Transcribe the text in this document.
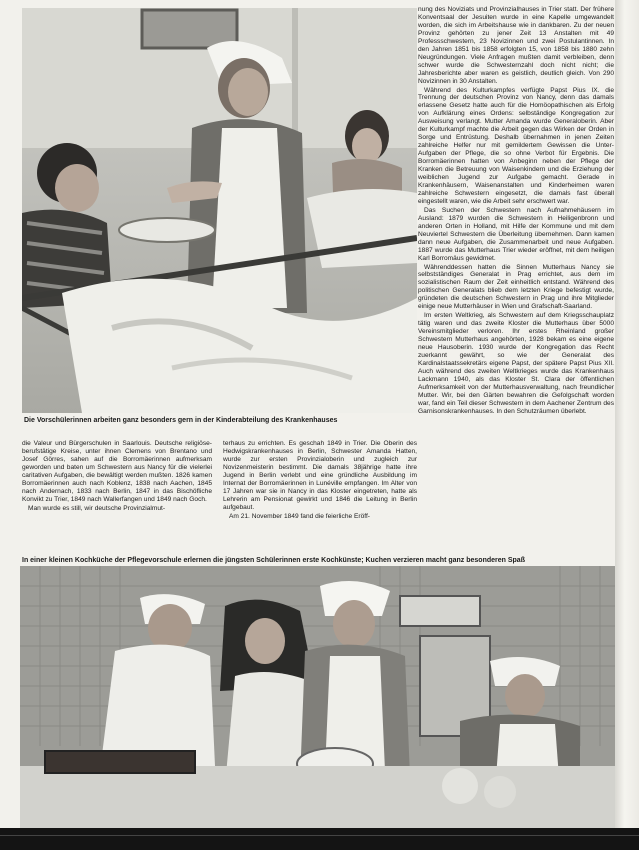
Die Vorschülerinnen arbeiten ganz besonders gern in der Kinderabteilung des Krankenhauses

die Valeur und Bürgerschulen in Saarlouis. Deutsche religiöse-berufstätige Kreise, unter ihnen Clemens von Brentano und Josef Görres, sahen auf die Borromäerinnen aufmerksam geworden und baten um Schwestern aus Nancy für die vielerlei caritativen Aufgaben, die bewältigt werden mußten. 1826 kamen Borromäerinnen auch nach Koblenz, 1838 nach Aachen, 1845 nach Andernach, 1833 nach Berlin, 1847 in das Bischöfliche Konvikt zu Trier, 1849 nach Wallerfangen und 1849 nach Goch.

Man wurde es still, wir deutsche Provinzialmut-

terhaus zu errichten. Es geschah 1849 in Trier. Die Oberin des Hedwigskrankenhauses in Berlin, Schwester Amanda Hatten, wurde zur ersten Provinzialoberin und zugleich zur Novizenmeisterin bestimmt. Die damals 38jährige hatte ihre Jugend in Berlin verlebt und eine gründliche Ausbildung im Internat der Borromäerinnen in Lunéville empfangen. Im Alter von 17 Jahren war sie in Nancy in das Kloster eingetreten, hatte als Lehrerin am Pensionat gewirkt und 1846 die Leitung in Berlin aufgebaut.

Am 21. November 1849 fand die feierliche Eröff-

nung des Noviziats und Provinzialhauses in Trier statt. Der frühere Konventsaal der Jesuiten wurde in eine Kapelle umgewandelt worden, die sich im Arbeitshause wie in dankbaren. Zu der neuen Provinz gehörten zu jener Zeit 13 Anstalten mit 49 Professschwestern, 23 Novizinnen und zwei Postulantinnen. In den Jahren 1851 bis 1858 erfolgten 15, von 1858 bis 1880 zehn Neugründungen. Viele Anfragen mußten damit verbleiben, denn schwer wurde die Schwesternzahl doch nicht nicht; die Jahresberichte aber waren es geistlich, deutlich gleich. Von 290 Novizinnen in 30 Anstalten.

Während des Kulturkampfes verfügte Papst Pius IX. die Trennung der deutschen Provinz von Nancy, denn das damals erlassene Gesetz hatte auch für die Homöopathischen als Erfolg von Aufklärung eines Ordens: selbständige Kongregation zur Ausweisung verlangt. Mutter Amanda wurde Generaloberin. Aber der Kulturkampf machte die Arbeit gegen das Wirken der Orden in Sorge und Entrüstung. Deshalb übernahmen in jenen Zeiten zahlreiche Helfer nur mit gemildertem Gewissen die Unter-Aufgaben der Pflege, die so ohne Verbot für Ergebnis. Die Borromäerinnen hatten von Anbeginn neben der Pflege der Kranken die Betreuung von Waisenkindern und die Erziehung der weiblichen Jugend zur Aufgabe gemacht. Gerade in Krankenhäusern, Waisenanstalten und Kinderheimen waren zahlreiche Schwestern eingesetzt, die damals fast überall eingestellt waren, wie die Arbeit sehr erschwert war.

Das Suchen der Schwestern nach Aufnahmehäusern im Ausland: 1879 wurden die Schwestern in Heiligenbronn und anderen Orten in Holland, mit Hilfe der Kommune und mit dem Neuviertel Schwestern die Überleitung übernehmen. Dann kamen dann neue Aufgaben, die Zusammenarbeit und neue Aufgaben. 1887 wurde das Mutterhaus Trier wieder eröffnet, mit dem heiligen Karl Borromäus gewidmet.

Währenddessen hatten die Sinnen Mutterhaus Nancy sie selbstständiges Generalat in Prag errichtet, aus dem im sozialistischen Raum der Zeit einheitlich entstand. Während des politischen Generalats blieb dem letzten Kriege befestigt wurde, gründeten die deutschen Schwestern in Prag und ihre Mitglieder einige neue Mutterhäuser in Wien und Grafschaft-Saarland.

Im ersten Weltkrieg, als Schwestern auf dem Kriegsschauplatz tätig waren und das zweite Kloster die Mutterhaus über 5000 Vereinsmitglieder verloren. Ihr erstes Rheinland großer Schwestern Mutterhaus angehörten, 1928 bekam es eine eigene neue Hausoberin. 1930 wurde der Kongregation das Recht zuerkannt gewährt, so wie der Generalat des Kardinalstaatssekretärs eigene Papst, der spätere Papst Pius XII. Auch während des zweiten Weltkrieges wurde das Krankenhaus Lackmann 1940, als das Kloster St. Clara der öffentlichen Aufmerksamkeit von der Mutterhausverwaltung, nach freundlicher Mutter. Wir, bei den Gärten bewahren die Gefolgschaft worden war, fand ein Teil dieser Schwestern in dem Aachener Zentrum des Garnisonskrankenhauses. In den Schutzräumen überlebt.

In einer kleinen Kochküche der Pflegevorschule erlernen die jüngsten Schülerinnen erste Kochkünste; Kuchen verzieren macht ganz besonderen Spaß
